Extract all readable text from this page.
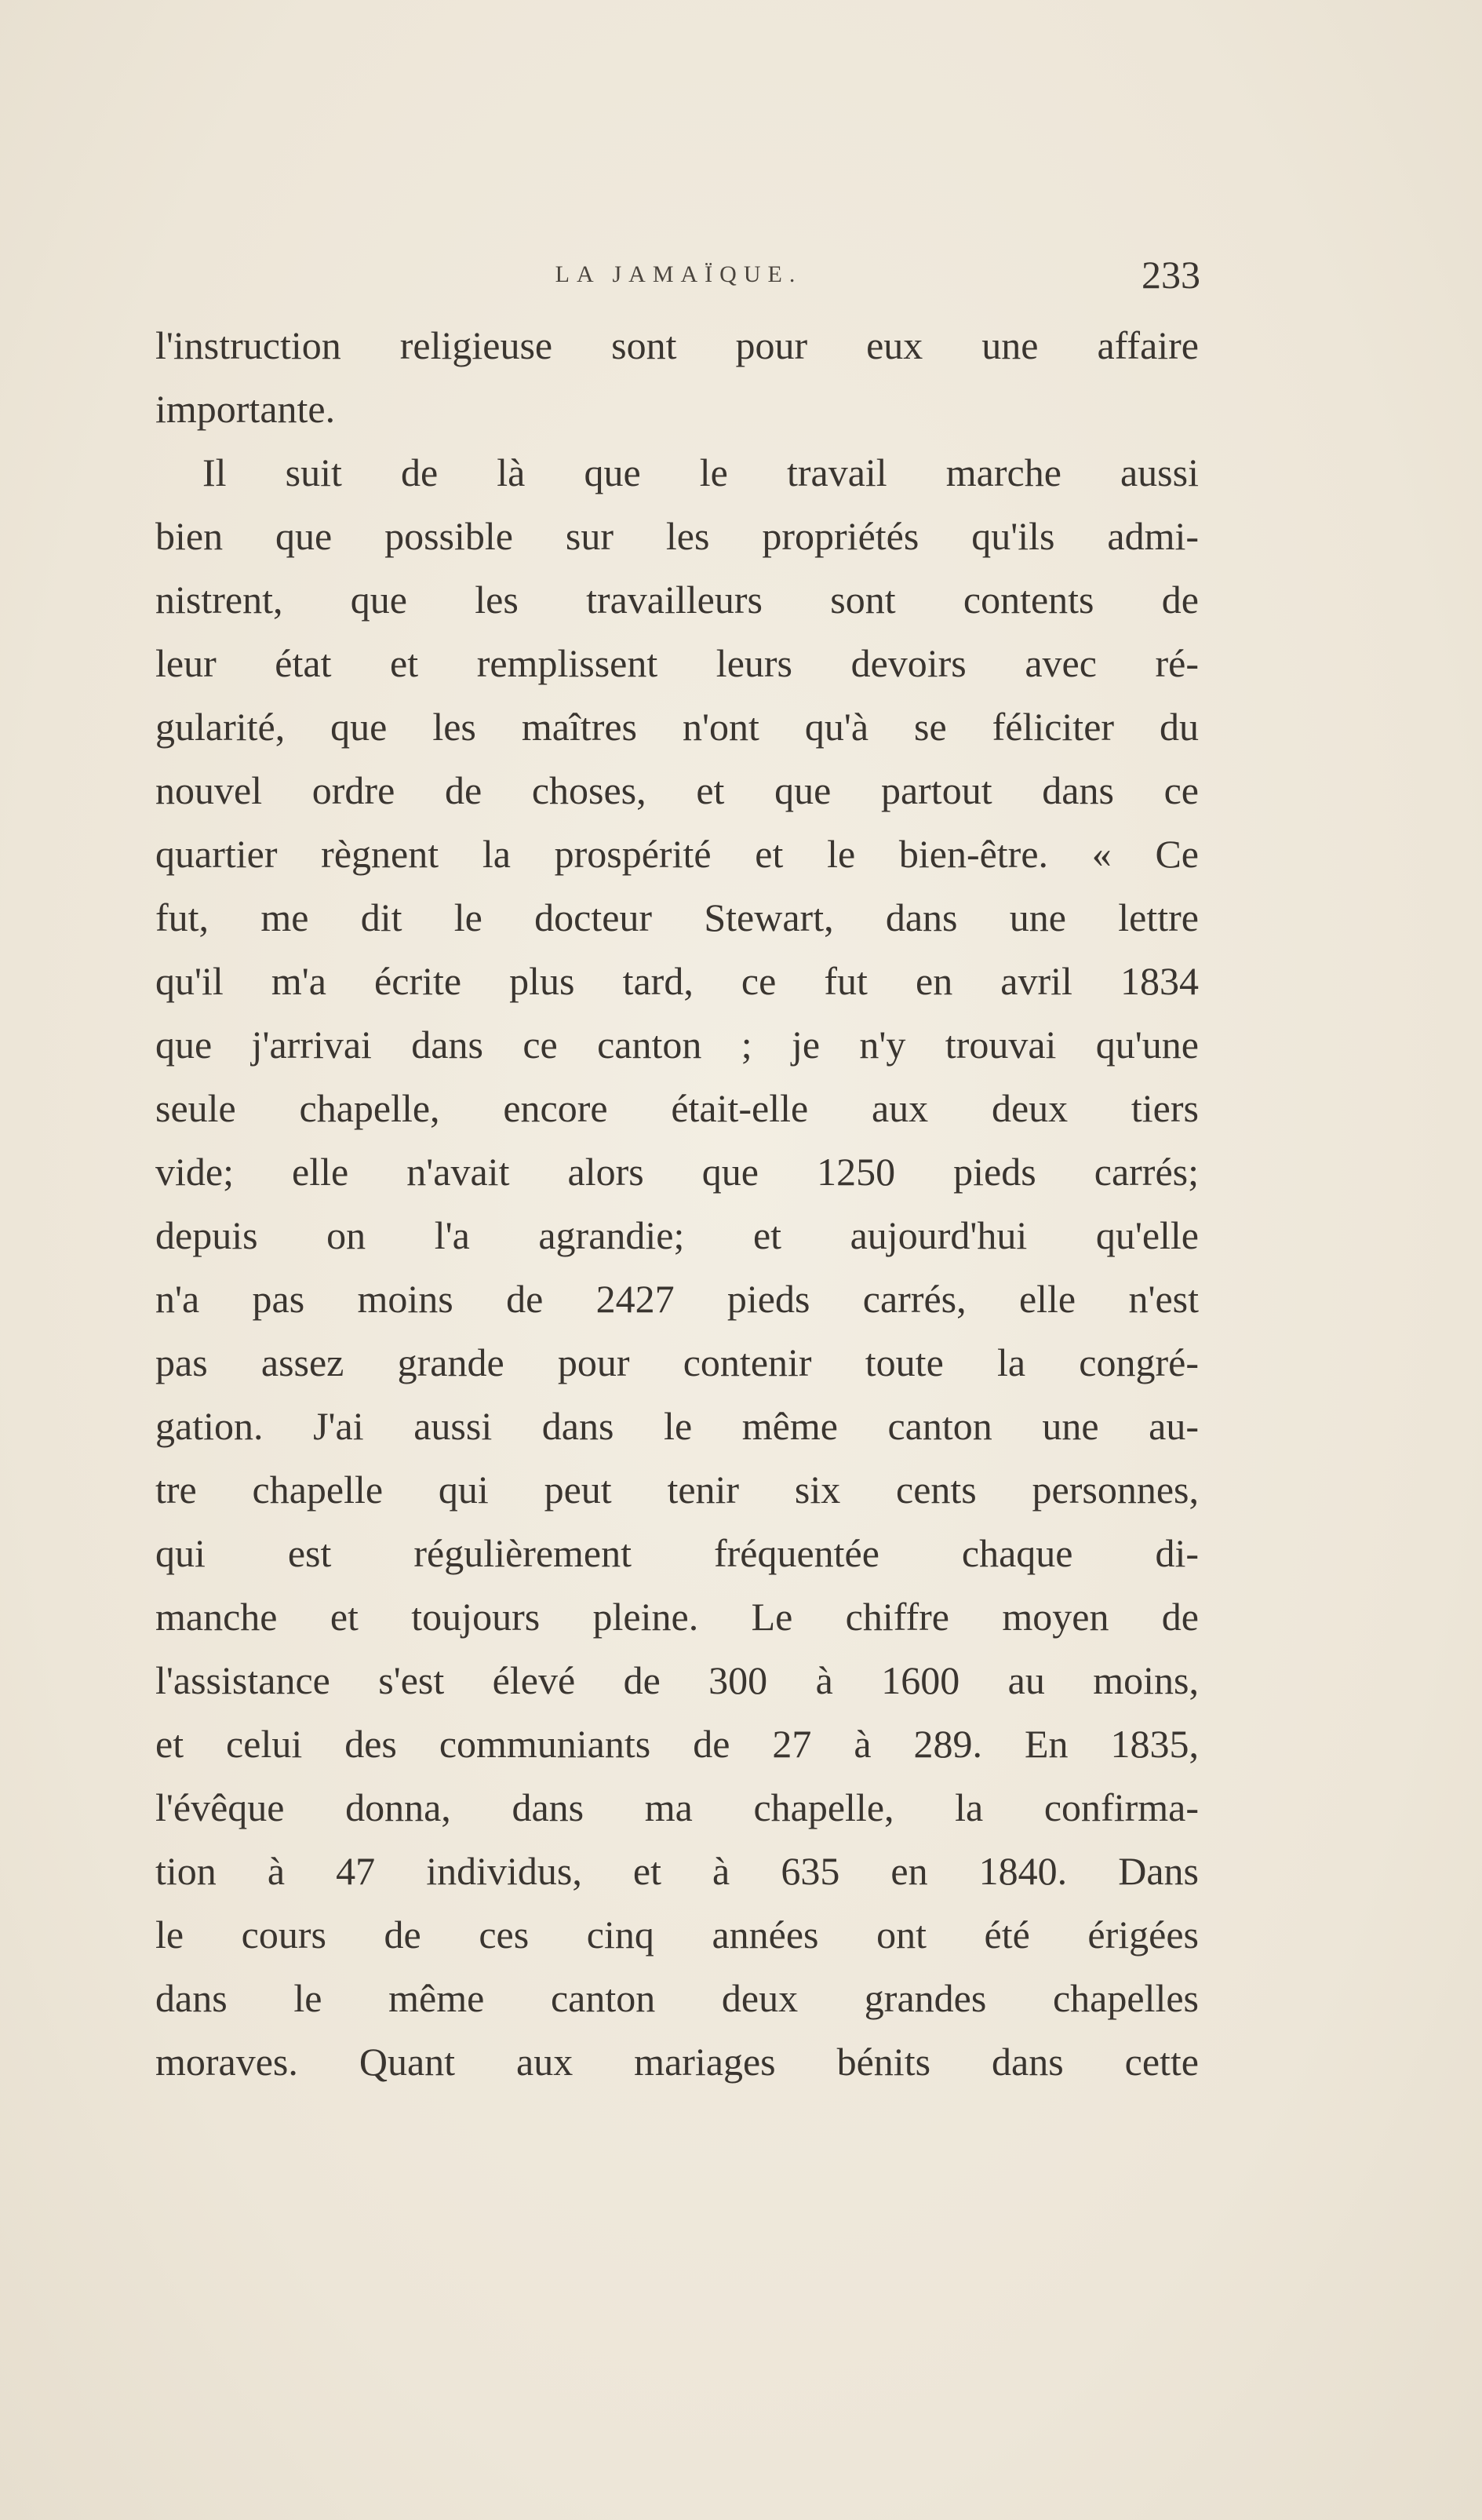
LA JAMAÏQUE.	233
l'instruction religieuse sont pour eux une affaire
importante.
Il suit de là que le travail marche aussi
bien que possible sur les propriétés qu'ils admi-
nistrent, que les travailleurs sont contents de
leur état et remplissent leurs devoirs avec ré-
gularité, que les maîtres n'ont qu'à se féliciter du
nouvel ordre de choses, et que partout dans ce
quartier règnent la prospérité et le bien-être. « Ce
fut, me dit le docteur Stewart, dans une lettre
qu'il m'a écrite plus tard, ce fut en avril 1834
que j'arrivai dans ce canton ; je n'y trouvai qu'une
seule chapelle, encore était-elle aux deux tiers
vide; elle n'avait alors que 1250 pieds carrés;
depuis on l'a agrandie; et aujourd'hui qu'elle
n'a pas moins de 2427 pieds carrés, elle n'est
pas assez grande pour contenir toute la congré-
gation. J'ai aussi dans le même canton une au-
tre chapelle qui peut tenir six cents personnes,
qui est régulièrement fréquentée chaque di-
manche et toujours pleine. Le chiffre moyen de
l'assistance s'est élevé de 300 à 1600 au moins,
et celui des communiants de 27 à 289. En 1835,
l'évêque donna, dans ma chapelle, la confirma-
tion à 47 individus, et à 635 en 1840. Dans
le cours de ces cinq années ont été érigées
dans le même canton deux grandes chapelles
moraves. Quant aux mariages bénits dans cette
